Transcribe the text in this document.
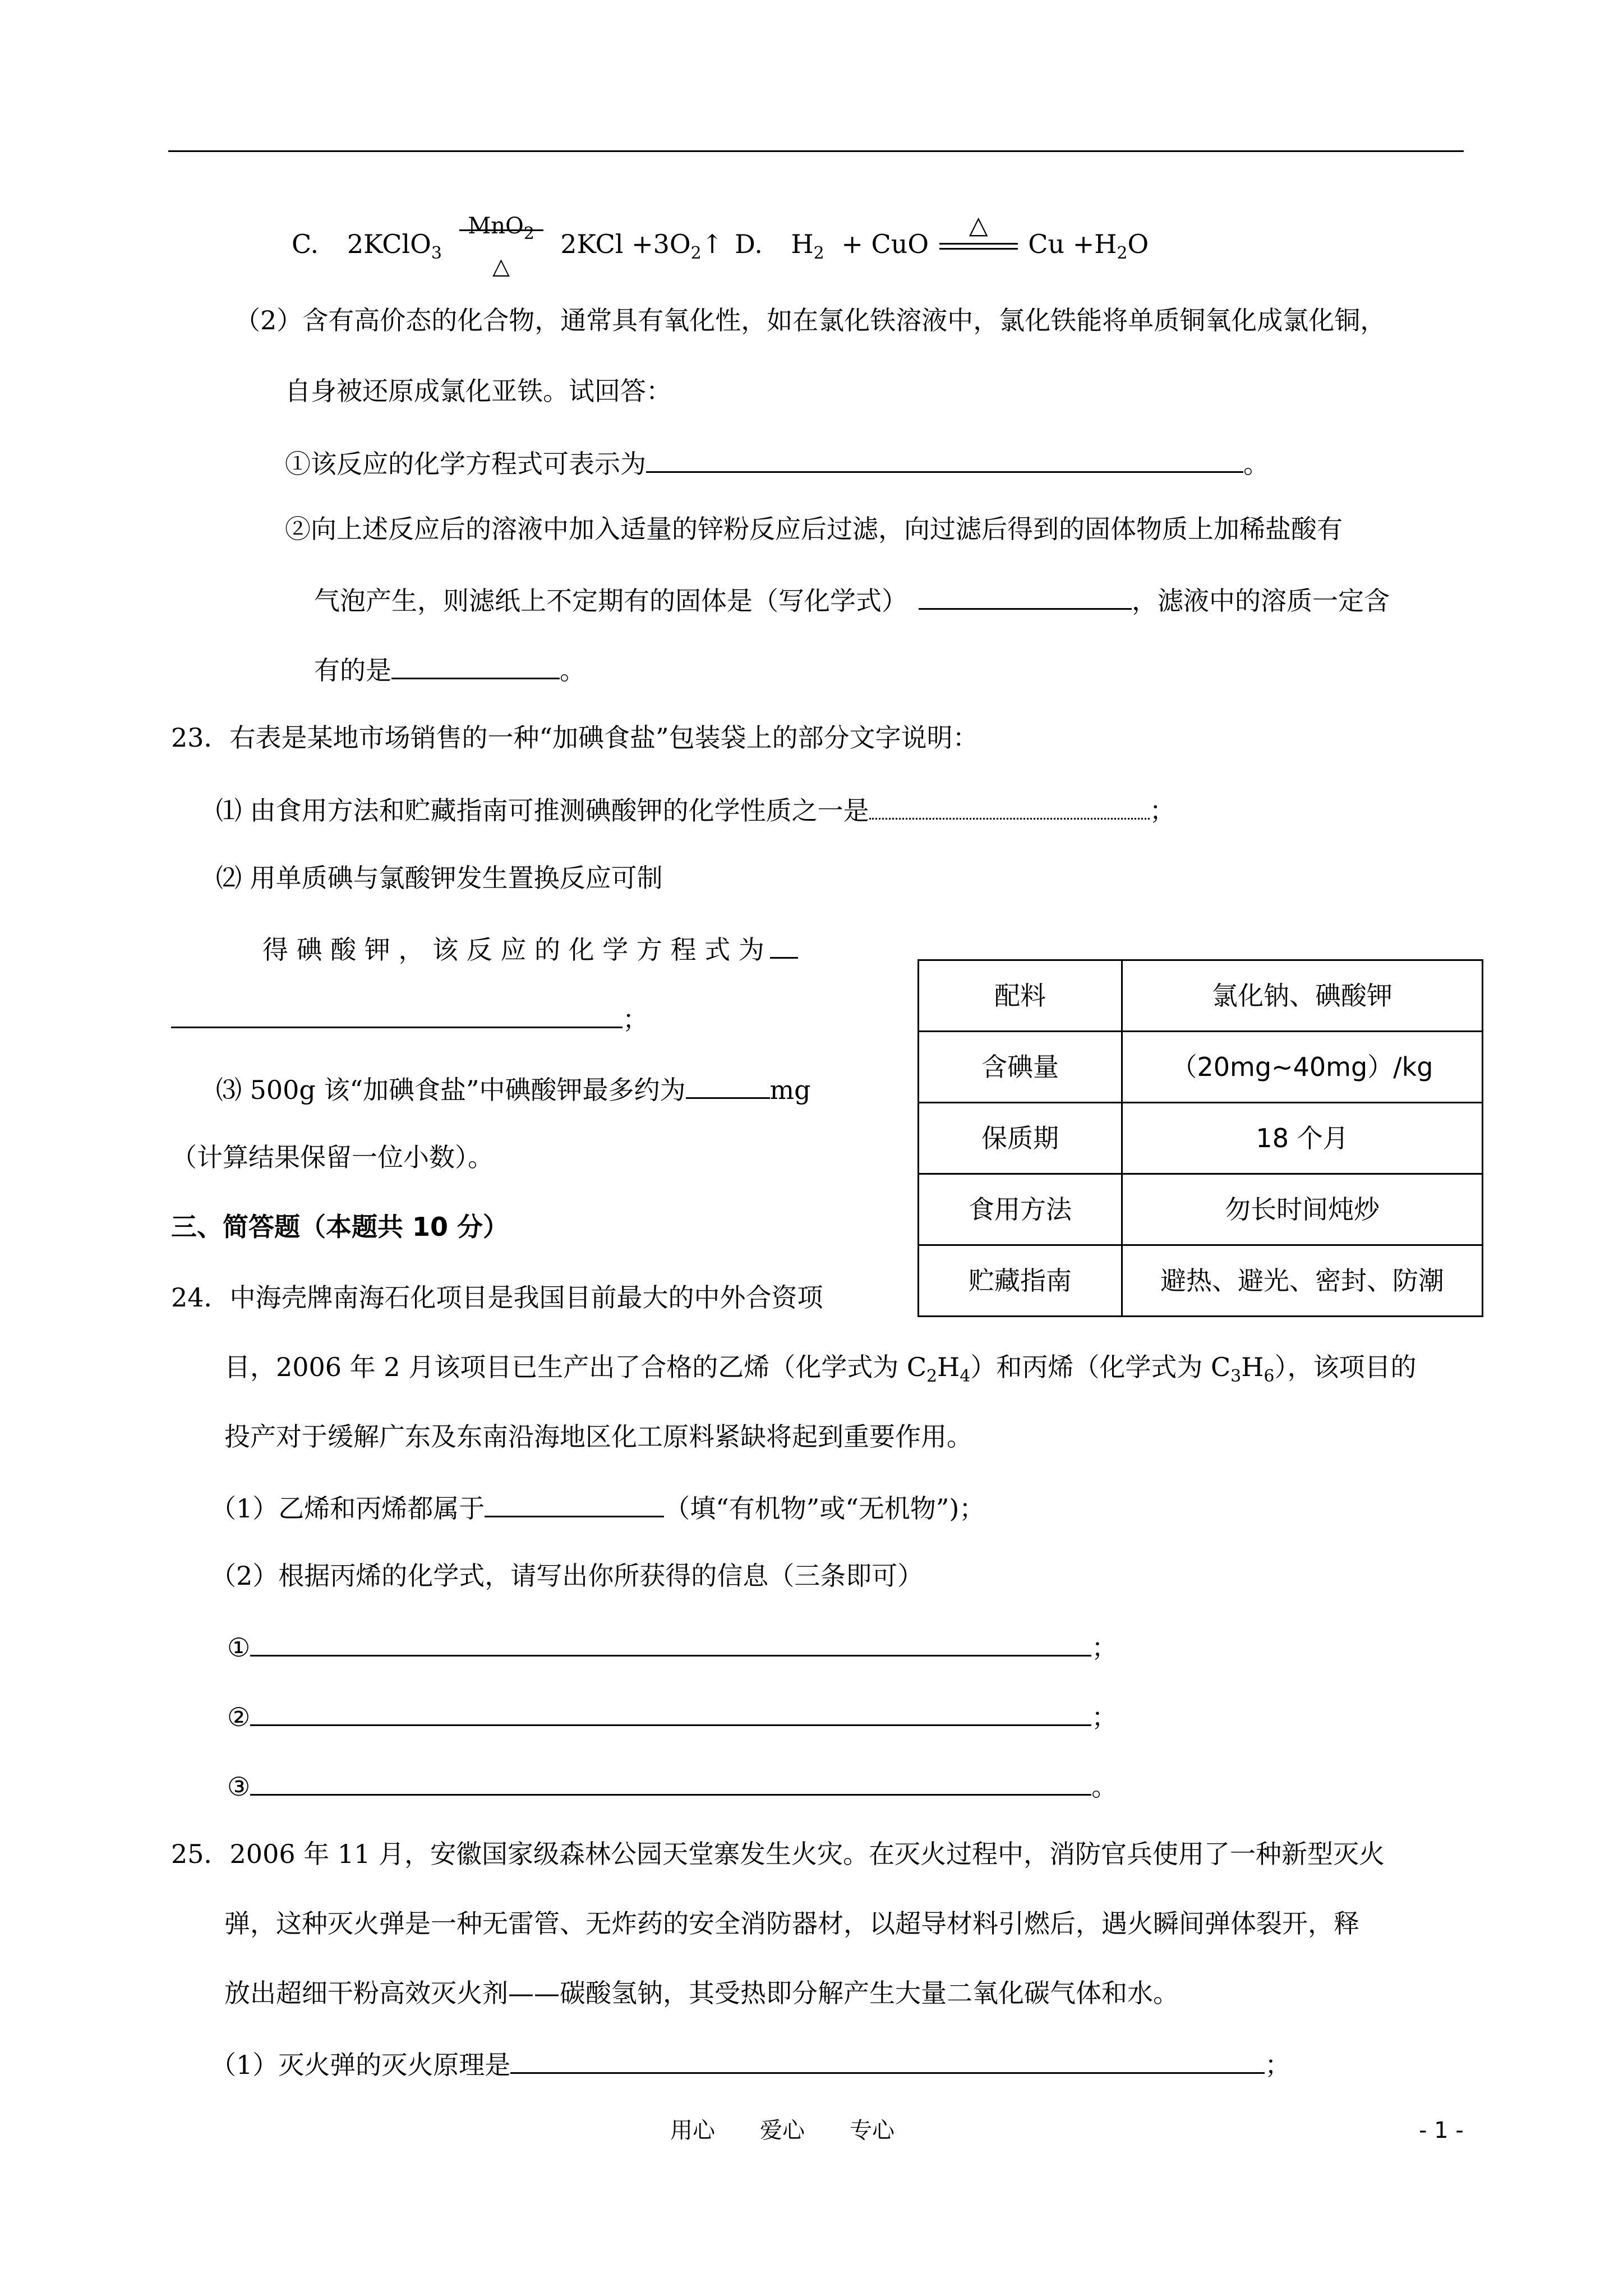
C. 2KClO$_3$
MnO$_2$

△
$2KCl +3O_2↑$ D. $H_2$ + CuO
△
$Cu +H_2O$
（2）含有高价态的化合物，通常具有氧化性，如在氯化铁溶液中，氯化铁能将单质铜氧化成氯化铜，
自身被还原成氯化亚铁。试回答：
①该反应的化学方程式可表示为	。
②向上述反应后的溶液中加入适量的锌粉反应后过滤，向过滤后得到的固体物质上加稀盐酸有
气泡产生，则滤纸上不定期有的固体是（写化学式）	，滤液中的溶质一定含
有的是	。
23．右表是某地市场销售的一种“加碘食盐”包装袋上的部分文字说明：
⑴ 由食用方法和贮藏指南可推测碘酸钾的化学性质之一是	；
⑵ 用单质碘与氯酸钾发生置换反应可制
得 碘 酸 钾 ， 该 反 应 的 化 学 方 程 式 为
；
⑶ 500g 该“加碘食盐”中碘酸钾最多约为	mg
（计算结果保留一位小数）。
配料	氯化钠、碘酸钾
含碘量	（20mg~40mg）/kg
保质期	18 个月
食用方法	勿长时间炖炒
贮藏指南	避热、避光、密封、防潮
三、简答题（本题共 10 分）
24．中海壳牌南海石化项目是我国目前最大的中外合资项
目，2006 年 2 月该项目已生产出了合格的乙烯（化学式为 $C_2H_4$）和丙烯（化学式为 $C_3H_6$），该项目的
投产对于缓解广东及东南沿海地区化工原料紧缺将起到重要作用。
（1）乙烯和丙烯都属于	（填“有机物”或“无机物”)；
（2）根据丙烯的化学式，请写出你所获得的信息（三条即可）
①	；
②	；
③	。
25．2006 年 11 月，安徽国家级森林公园天堂寨发生火灾。在灭火过程中，消防官兵使用了一种新型灭火
弹，这种灭火弹是一种无雷管、无炸药的安全消防器材，以超导材料引燃后，遇火瞬间弹体裂开，释
放出超细干粉高效灭火剂——碳酸氢钠，其受热即分解产生大量二氧化碳气体和水。
（1）灭火弹的灭火原理是	；
用心　　爱心　　专心	- 1 -
